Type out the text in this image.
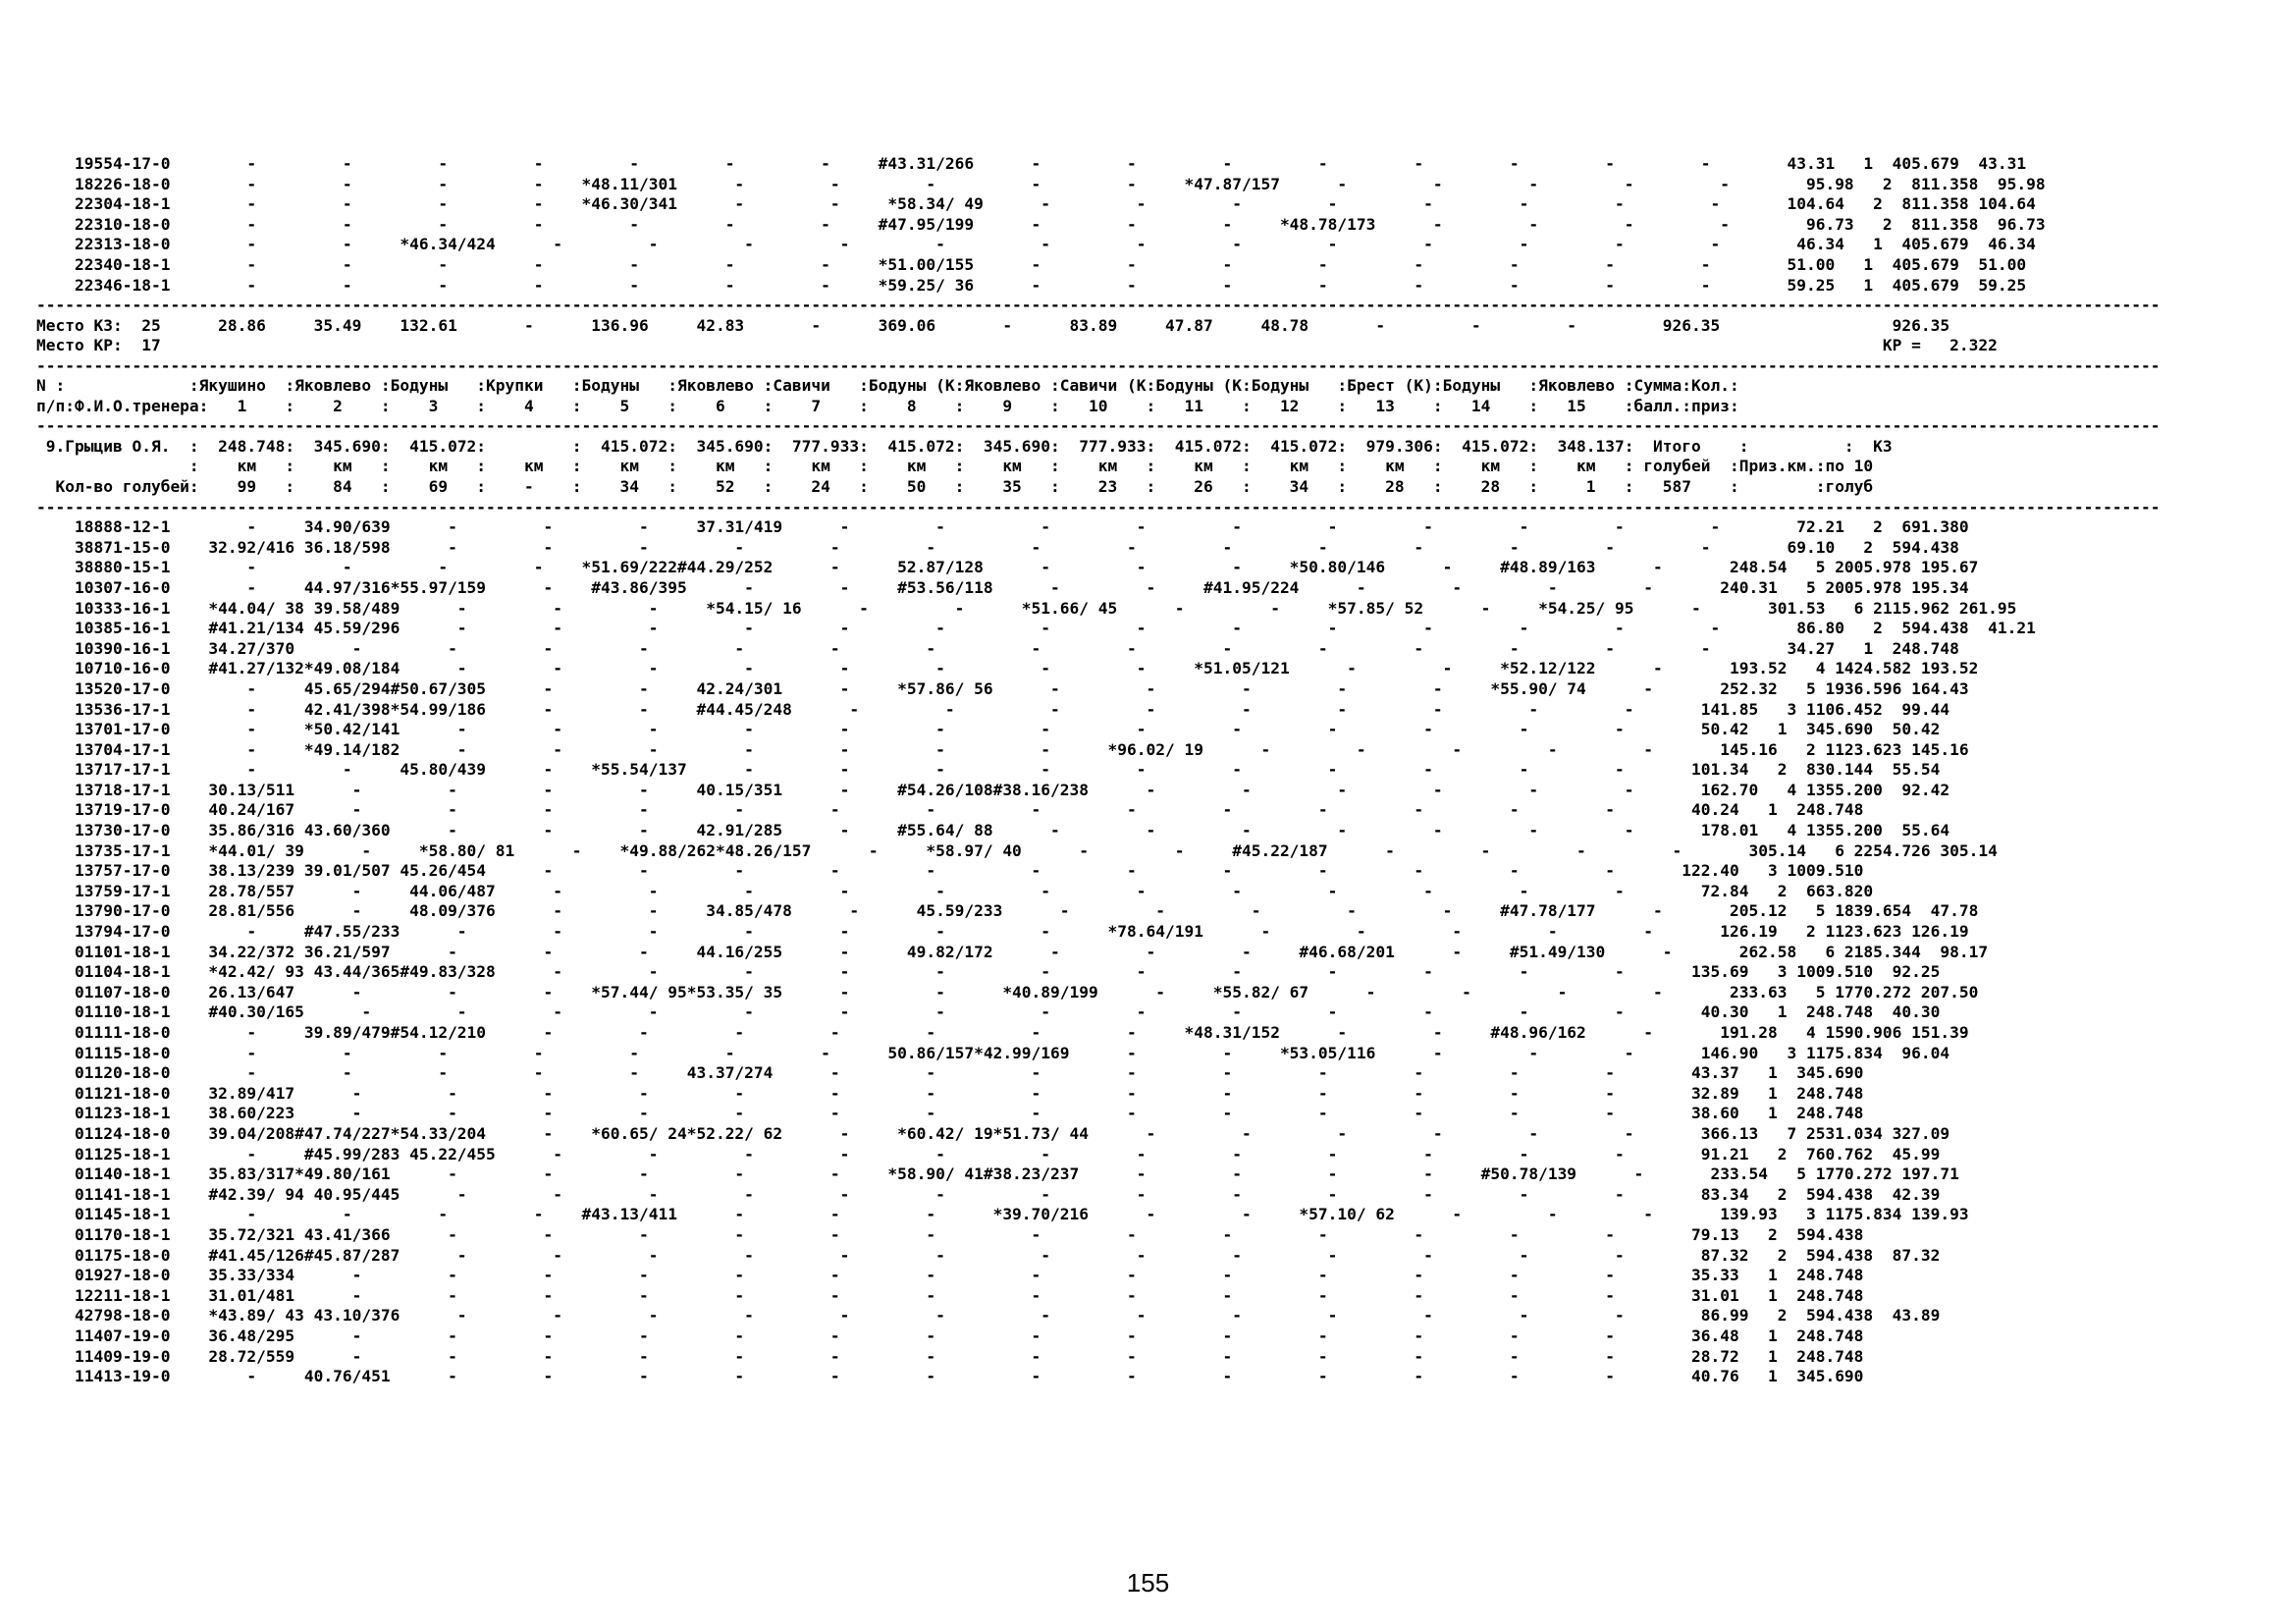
19554-17-0        -         -         -         -         -         -         -     #43.31/266      -         -         -         -         -         -         -         -        43.31   1  405.679  43.31
18226-18-0        -         -         -         -    *48.11/301      -         -         -          -         -     *47.87/157      -         -         -         -         -        95.98   2  811.358  95.98
22304-18-1        -         -         -         -    *46.30/341      -         -     *58.34/ 49      -         -         -         -         -         -         -         -       104.64   2  811.358 104.64
22310-18-0        -         -         -         -         -         -         -     #47.95/199      -         -         -     *48.78/173      -         -         -         -        96.73   2  811.358  96.73
22313-18-0        -         -     *46.34/424      -         -         -         -         -          -         -         -         -         -         -         -         -        46.34   1  405.679  46.34
22340-18-1        -         -         -         -         -         -         -     *51.00/155      -         -         -         -         -         -         -         -        51.00   1  405.679  51.00
22346-18-1        -         -         -         -         -         -         -     *59.25/ 36      -         -         -         -         -         -         -         -        59.25   1  405.679  59.25
------------------------------------------------------------------------------------------------------------------------------------------------------------------------------------------------------------------------------
Место КЗ:  25      28.86     35.49    132.61       -      136.96     42.83       -      369.06       -      83.89     47.87     48.78       -         -         -         926.35                  926.35
Место КР:  17                                                                                                                                                                                    КР =   2.322
------------------------------------------------------------------------------------------------------------------------------------------------------------------------------------------------------------------------------
N :             :Якушино  :Яковлево :Бодуны   :Крупки   :Бодуны   :Яковлево :Савичи   :Бодуны (К:Яковлево :Савичи (К:Бодуны (К:Бодуны   :Брест (К):Бодуны   :Яковлево :Сумма:Кол.:
п/п:Ф.И.О.тренера:   1    :    2    :    3    :    4    :    5    :    6    :    7    :    8    :    9    :   10    :   11    :   12    :   13    :   14    :   15    :балл.:приз:
------------------------------------------------------------------------------------------------------------------------------------------------------------------------------------------------------------------------------
9.Грыцив О.Я.  :  248.748:  345.690:  415.072:         :  415.072:  345.690:  777.933:  415.072:  345.690:  777.933:  415.072:  415.072:  979.306:  415.072:  348.137:  Итого    :          :  КЗ
:    км   :    км   :    км   :    км   :    км   :    км   :    км   :    км   :    км   :    км   :    км   :    км   :    км   :    км   :    км   : голубей  :Приз.км.:по 10
Кол-во голубей:    99   :    84   :    69   :    -    :    34   :    52   :    24   :    50   :    35   :    23   :    26   :    34   :    28   :    28   :     1   :   587    :        :голуб
------------------------------------------------------------------------------------------------------------------------------------------------------------------------------------------------------------------------------
18888-12-1        -     34.90/639      -         -         -     37.31/419      -         -          -         -         -         -         -         -         -         -        72.21   2  691.380
38871-15-0    32.92/416 36.18/598      -         -         -         -         -         -          -         -         -         -         -         -         -         -        69.10   2  594.438
38880-15-1        -         -         -         -    *51.69/222#44.29/252      -      52.87/128      -         -         -     *50.80/146      -     #48.89/163      -       248.54   5 2005.978 195.67
10307-16-0        -     44.97/316*55.97/159      -    #43.86/395      -         -     #53.56/118      -         -     #41.95/224      -         -         -         -       240.31   5 2005.978 195.34
10333-16-1    *44.04/ 38 39.58/489      -         -         -     *54.15/ 16      -         -      *51.66/ 45      -         -     *57.85/ 52      -     *54.25/ 95      -       301.53   6 2115.962 261.95
10385-16-1    #41.21/134 45.59/296      -         -         -         -         -         -          -         -         -         -         -         -         -         -        86.80   2  594.438  41.21
10390-16-1    34.27/370      -         -         -         -         -         -         -          -         -         -         -         -         -         -         -        34.27   1  248.748
10710-16-0    #41.27/132*49.08/184      -         -         -         -         -         -          -         -     *51.05/121      -         -     *52.12/122      -       193.52   4 1424.582 193.52
13520-17-0        -     45.65/294#50.67/305      -         -     42.24/301      -     *57.86/ 56      -         -         -         -         -     *55.90/ 74      -       252.32   5 1936.596 164.43
13536-17-1        -     42.41/398*54.99/186      -         -     #44.45/248      -         -          -         -         -         -         -         -         -       141.85   3 1106.452  99.44
13701-17-0        -     *50.42/141      -         -         -         -         -         -          -         -         -         -         -         -         -        50.42   1  345.690  50.42
13704-17-1        -     *49.14/182      -         -         -         -         -         -          -      *96.02/ 19      -         -         -         -         -       145.16   2 1123.623 145.16
13717-17-1        -         -     45.80/439      -    *55.54/137      -         -         -          -         -         -         -         -         -         -       101.34   2  830.144  55.54
13718-17-1    30.13/511      -         -         -         -     40.15/351      -     #54.26/108#38.16/238      -         -         -         -         -         -       162.70   4 1355.200  92.42
13719-17-0    40.24/167      -         -         -         -         -         -         -          -         -         -         -         -         -         -        40.24   1  248.748
13730-17-0    35.86/316 43.60/360      -         -         -     42.91/285      -     #55.64/ 88      -         -         -         -         -         -         -       178.01   4 1355.200  55.64
13735-17-1    *44.01/ 39      -     *58.80/ 81      -    *49.88/262*48.26/157      -     *58.97/ 40      -         -     #45.22/187      -         -         -         -       305.14   6 2254.726 305.14
13757-17-0    38.13/239 39.01/507 45.26/454      -         -         -         -         -          -         -         -         -         -         -         -       122.40   3 1009.510
13759-17-1    28.78/557      -     44.06/487      -         -         -         -         -          -         -         -         -         -         -         -        72.84   2  663.820
13790-17-0    28.81/556      -     48.09/376      -         -     34.85/478      -      45.59/233      -         -         -         -         -     #47.78/177      -       205.12   5 1839.654  47.78
13794-17-0        -     #47.55/233      -         -         -         -         -         -          -      *78.64/191      -         -         -         -         -       126.19   2 1123.623 126.19
01101-18-1    34.22/372 36.21/597      -         -         -     44.16/255      -      49.82/172      -         -         -     #46.68/201      -     #51.49/130      -       262.58   6 2185.344  98.17
01104-18-1    *42.42/ 93 43.44/365#49.83/328      -         -         -         -         -          -         -         -         -         -         -         -       135.69   3 1009.510  92.25
01107-18-0    26.13/647      -         -         -    *57.44/ 95*53.35/ 35      -         -      *40.89/199      -     *55.82/ 67      -         -         -         -       233.63   5 1770.272 207.50
01110-18-1    #40.30/165      -         -         -         -         -         -         -          -         -         -         -         -         -         -        40.30   1  248.748  40.30
01111-18-0        -     39.89/479#54.12/210      -         -         -         -         -          -         -     *48.31/152      -         -     #48.96/162      -       191.28   4 1590.906 151.39
01115-18-0        -         -         -         -         -         -         -      50.86/157*42.99/169      -         -     *53.05/116      -         -         -       146.90   3 1175.834  96.04
01120-18-0        -         -         -         -         -     43.37/274      -         -          -         -         -         -         -         -         -        43.37   1  345.690
01121-18-0    32.89/417      -         -         -         -         -         -         -          -         -         -         -         -         -         -        32.89   1  248.748
01123-18-1    38.60/223      -         -         -         -         -         -         -          -         -         -         -         -         -         -        38.60   1  248.748
01124-18-0    39.04/208#47.74/227*54.33/204      -    *60.65/ 24*52.22/ 62      -     *60.42/ 19*51.73/ 44      -         -         -         -         -         -       366.13   7 2531.034 327.09
01125-18-1        -     #45.99/283 45.22/455      -         -         -         -         -          -         -         -         -         -         -         -        91.21   2  760.762  45.99
01140-18-1    35.83/317*49.80/161      -         -         -         -         -     *58.90/ 41#38.23/237      -         -         -         -     #50.78/139      -       233.54   5 1770.272 197.71
01141-18-1    #42.39/ 94 40.95/445      -         -         -         -         -         -          -         -         -         -         -         -         -        83.34   2  594.438  42.39
01145-18-1        -         -         -         -    #43.13/411      -         -         -      *39.70/216      -         -     *57.10/ 62      -         -         -       139.93   3 1175.834 139.93
01170-18-1    35.72/321 43.41/366      -         -         -         -         -         -          -         -         -         -         -         -         -        79.13   2  594.438
01175-18-0    #41.45/126#45.87/287      -         -         -         -         -         -          -         -         -         -         -         -         -        87.32   2  594.438  87.32
01927-18-0    35.33/334      -         -         -         -         -         -         -          -         -         -         -         -         -         -        35.33   1  248.748
12211-18-1    31.01/481      -         -         -         -         -         -         -          -         -         -         -         -         -         -        31.01   1  248.748
42798-18-0    *43.89/ 43 43.10/376      -         -         -         -         -         -          -         -         -         -         -         -         -        86.99   2  594.438  43.89
11407-19-0    36.48/295      -         -         -         -         -         -         -          -         -         -         -         -         -         -        36.48   1  248.748
11409-19-0    28.72/559      -         -         -         -         -         -         -          -         -         -         -         -         -         -        28.72   1  248.748
11413-19-0        -     40.76/451      -         -         -         -         -         -          -         -         -         -         -         -         -        40.76   1  345.690
155
